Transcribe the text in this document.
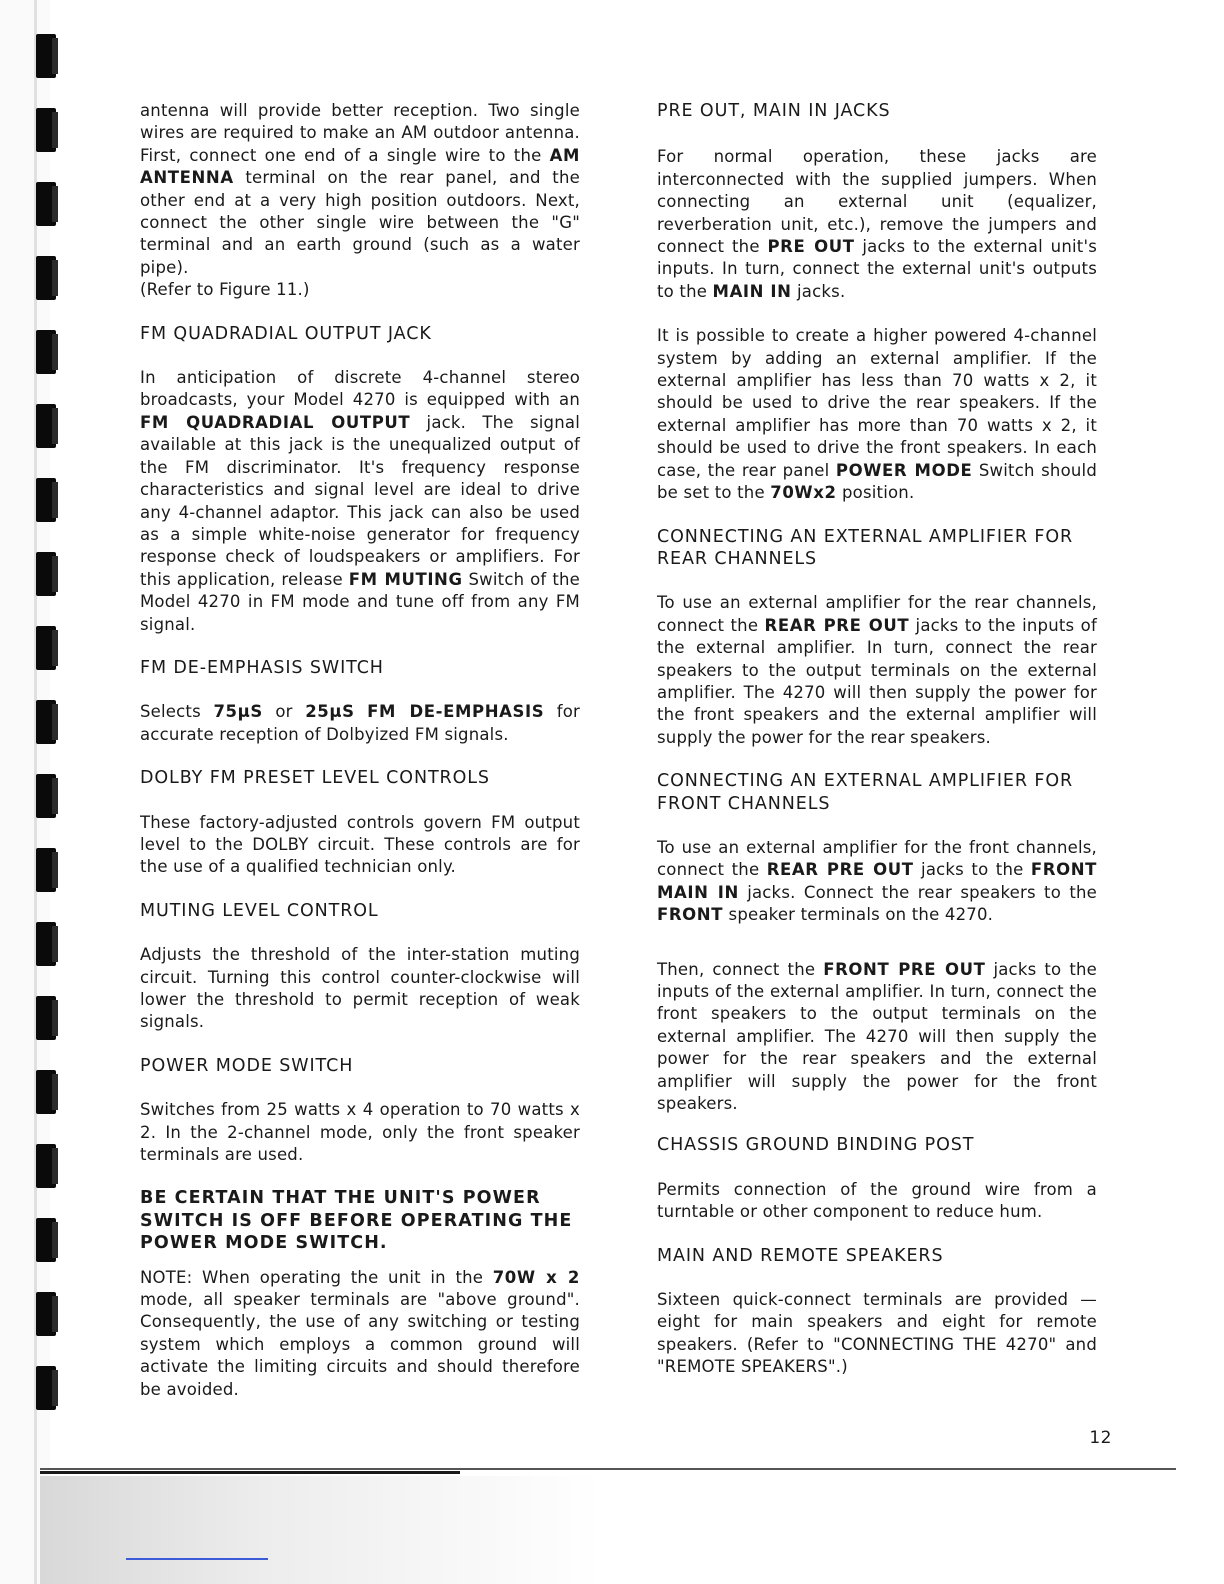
antenna will provide better reception. Two single wires are required to make an AM outdoor antenna. First, connect one end of a single wire to the AM ANTENNA terminal on the rear panel, and the other end at a very high position outdoors. Next, connect the other single wire between the "G" terminal and an earth ground (such as a water pipe).

(Refer to Figure 11.)

FM QUADRADIAL OUTPUT JACK

In anticipation of discrete 4-channel stereo broadcasts, your Model 4270 is equipped with an FM QUADRADIAL OUTPUT jack. The signal available at this jack is the unequalized output of the FM discriminator. It's frequency response characteristics and signal level are ideal to drive any 4-channel adaptor. This jack can also be used as a simple white-noise generator for frequency response check of loudspeakers or amplifiers. For this application, release FM MUTING Switch of the Model 4270 in FM mode and tune off from any FM signal.

FM DE-EMPHASIS SWITCH

Selects 75μS or 25μS FM DE-EMPHASIS for accurate reception of Dolbyized FM signals.

DOLBY FM PRESET LEVEL CONTROLS

These factory-adjusted controls govern FM output level to the DOLBY circuit. These controls are for the use of a qualified technician only.

MUTING LEVEL CONTROL

Adjusts the threshold of the inter-station muting circuit. Turning this control counter-clockwise will lower the threshold to permit reception of weak signals.

POWER MODE SWITCH

Switches from 25 watts x 4 operation to 70 watts x 2. In the 2-channel mode, only the front speaker terminals are used.

BE CERTAIN THAT THE UNIT'S POWER SWITCH IS OFF BEFORE OPERATING THE POWER MODE SWITCH.

NOTE: When operating the unit in the 70W x 2 mode, all speaker terminals are "above ground". Consequently, the use of any switching or testing system which employs a common ground will activate the limiting circuits and should therefore be avoided.

PRE OUT, MAIN IN JACKS

For normal operation, these jacks are interconnected with the supplied jumpers. When connecting an external unit (equalizer, reverberation unit, etc.), remove the jumpers and connect the PRE OUT jacks to the external unit's inputs. In turn, connect the external unit's outputs to the MAIN IN jacks.

It is possible to create a higher powered 4-channel system by adding an external amplifier. If the external amplifier has less than 70 watts x 2, it should be used to drive the rear speakers. If the external amplifier has more than 70 watts x 2, it should be used to drive the front speakers. In each case, the rear panel POWER MODE Switch should be set to the 70Wx2 position.

CONNECTING AN EXTERNAL AMPLIFIER FOR REAR CHANNELS

To use an external amplifier for the rear channels, connect the REAR PRE OUT jacks to the inputs of the external amplifier. In turn, connect the rear speakers to the output terminals on the external amplifier. The 4270 will then supply the power for the front speakers and the external amplifier will supply the power for the rear speakers.

CONNECTING AN EXTERNAL AMPLIFIER FOR FRONT CHANNELS

To use an external amplifier for the front channels, connect the REAR PRE OUT jacks to the FRONT MAIN IN jacks. Connect the rear speakers to the FRONT speaker terminals on the 4270.

Then, connect the FRONT PRE OUT jacks to the inputs of the external amplifier. In turn, connect the front speakers to the output terminals on the external amplifier. The 4270 will then supply the power for the rear speakers and the external amplifier will supply the power for the front speakers.

CHASSIS GROUND BINDING POST

Permits connection of the ground wire from a turntable or other component to reduce hum.

MAIN AND REMOTE SPEAKERS

Sixteen quick-connect terminals are provided — eight for main speakers and eight for remote speakers. (Refer to "CONNECTING THE 4270" and "REMOTE SPEAKERS".)

12
